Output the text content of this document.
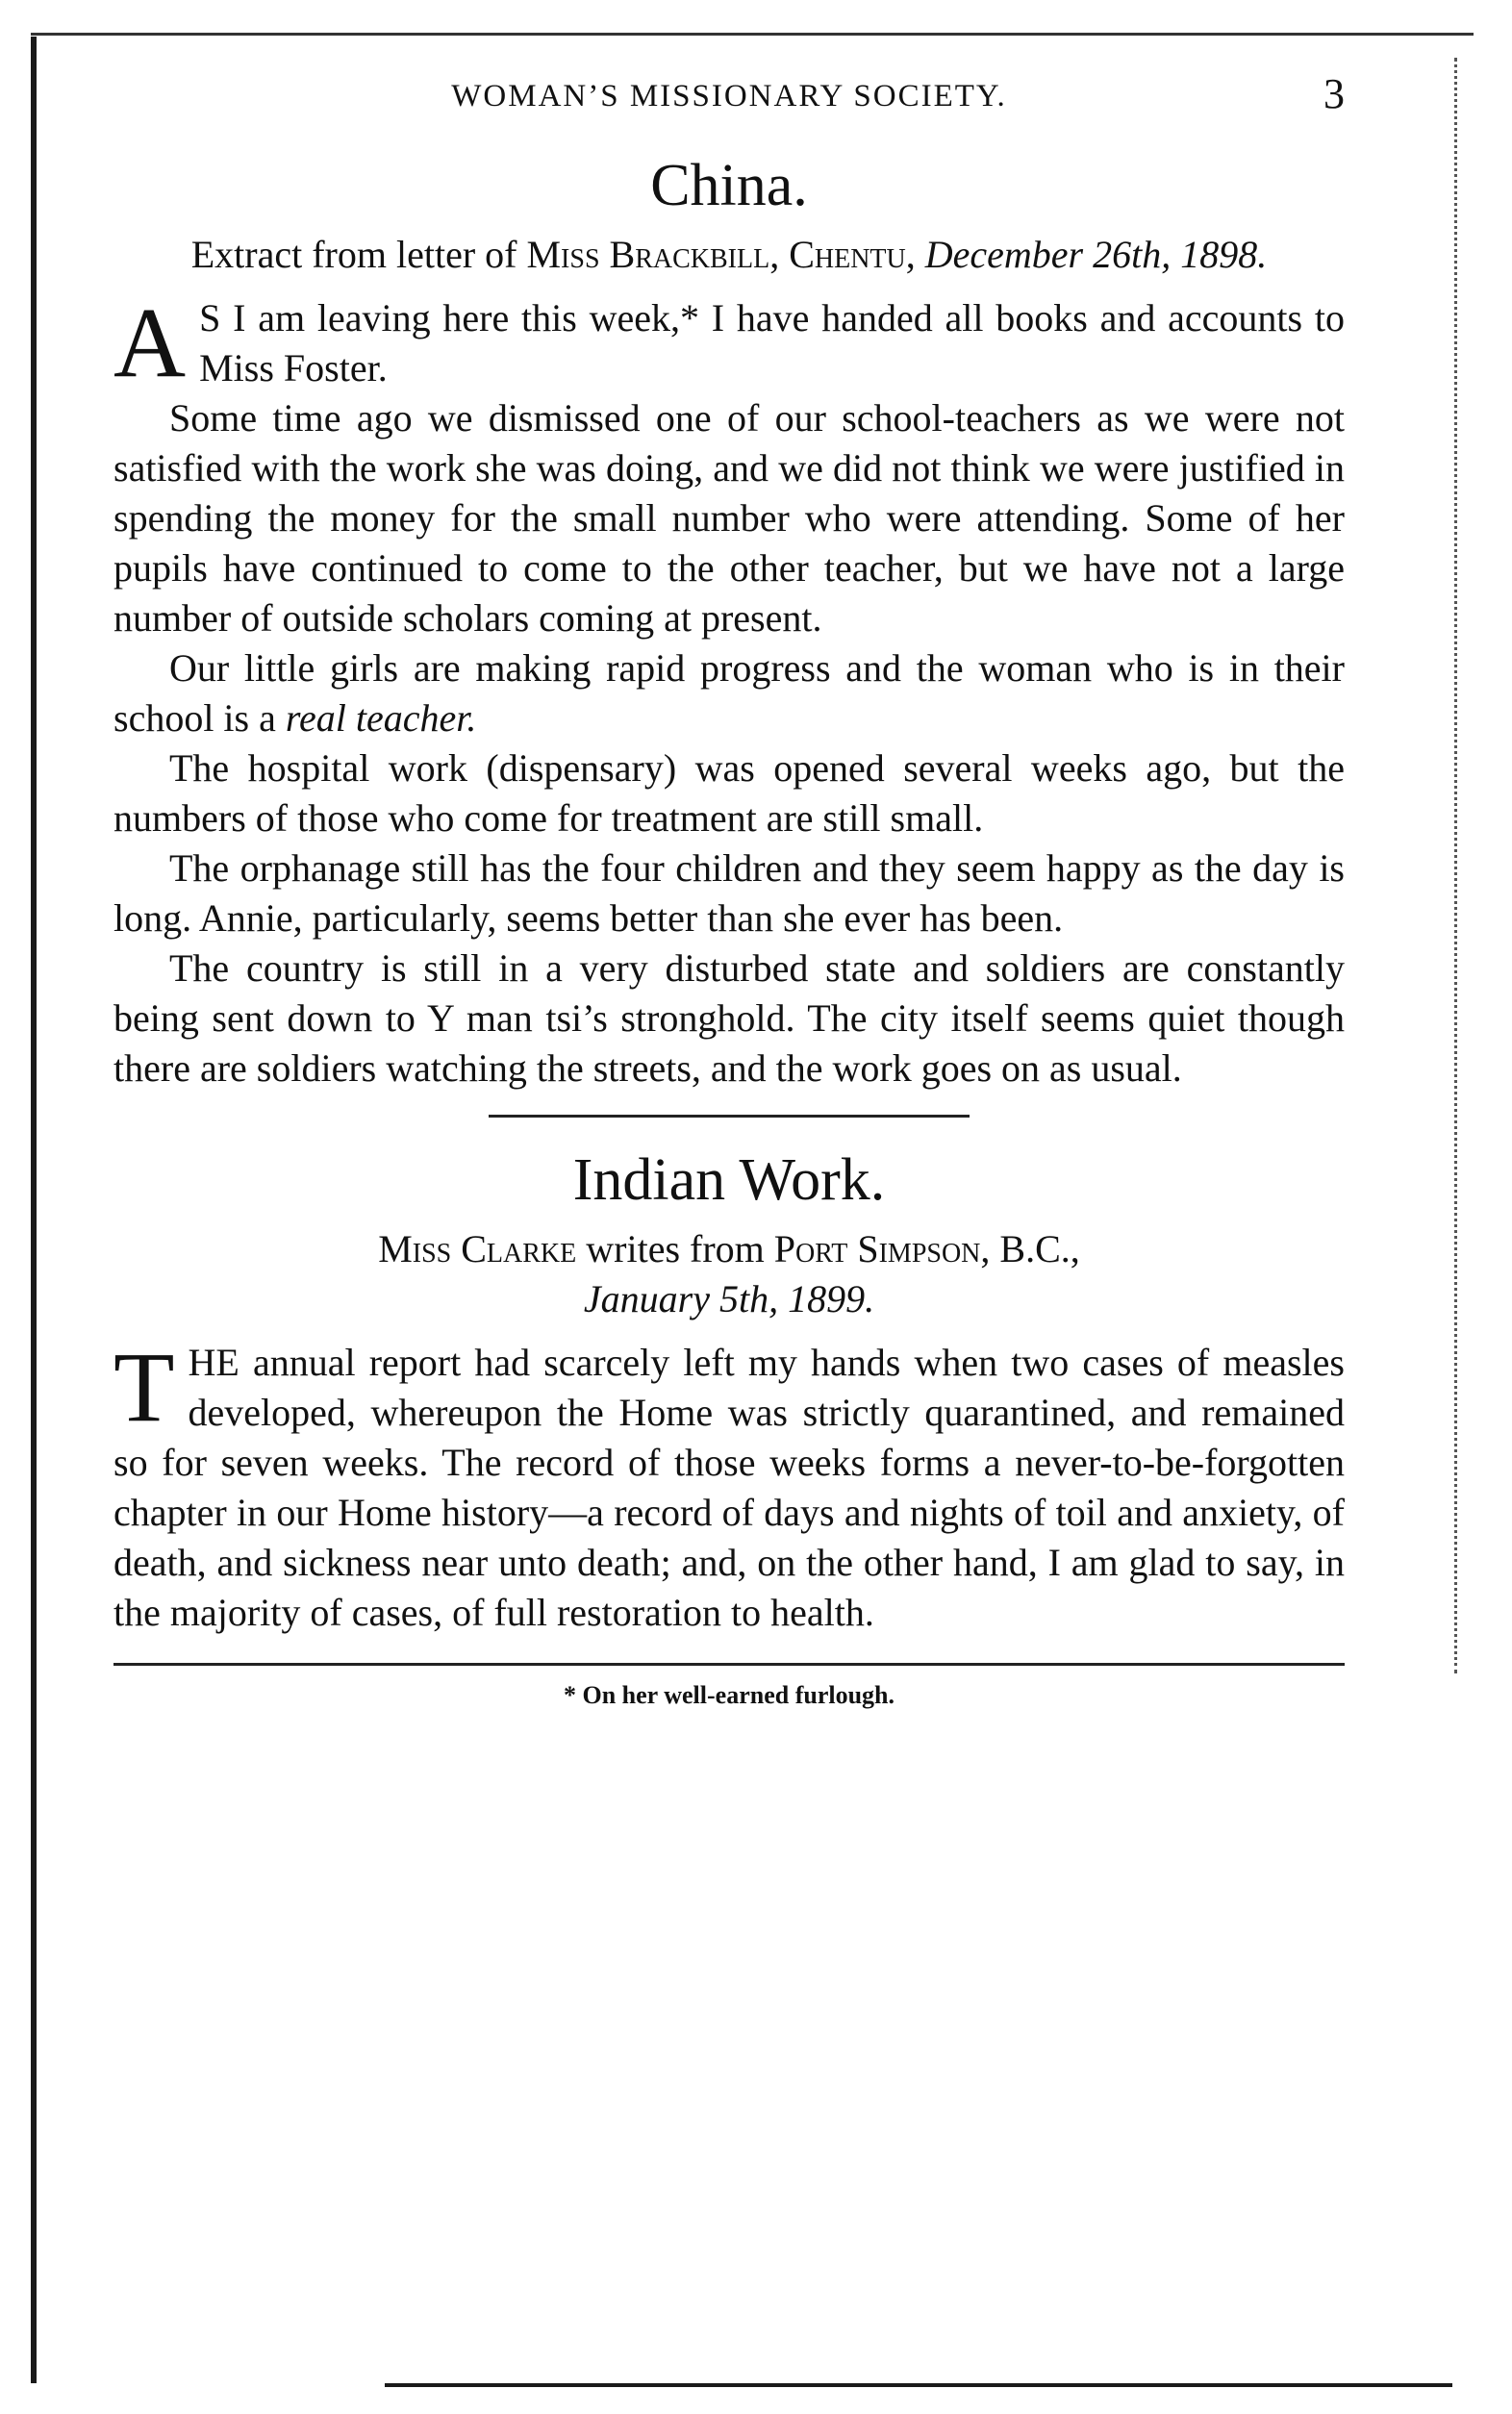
WOMAN’S MISSIONARY SOCIETY.	3
China.
Extract from letter of Miss Brackbill, Chentu, December 26th, 1898.

A S I am leaving here this week,* I have handed all books and accounts to Miss Foster.

Some time ago we dismissed one of our school-teachers as we were not satisfied with the work she was doing, and we did not think we were justified in spending the money for the small number who were attending. Some of her pupils have continued to come to the other teacher, but we have not a large number of outside scholars coming at present.

Our little girls are making rapid progress and the woman who is in their school is a real teacher.

The hospital work (dispensary) was opened several weeks ago, but the numbers of those who come for treatment are still small.

The orphanage still has the four children and they seem happy as the day is long. Annie, particularly, seems better than she ever has been.

The country is still in a very disturbed state and soldiers are constantly being sent down to Y man tsi’s stronghold. The city itself seems quiet though there are soldiers watching the streets, and the work goes on as usual.

Indian Work.
Miss Clarke writes from Port Simpson, B.C.,
January 5th, 1899.

THE annual report had scarcely left my hands when two cases of measles developed, whereupon the Home was strictly quarantined, and remained so for seven weeks. The record of those weeks forms a never-to-be-forgotten chapter in our Home history—a record of days and nights of toil and anxiety, of death, and sickness near unto death; and, on the other hand, I am glad to say, in the majority of cases, of full restoration to health.

* On her well-earned furlough.
